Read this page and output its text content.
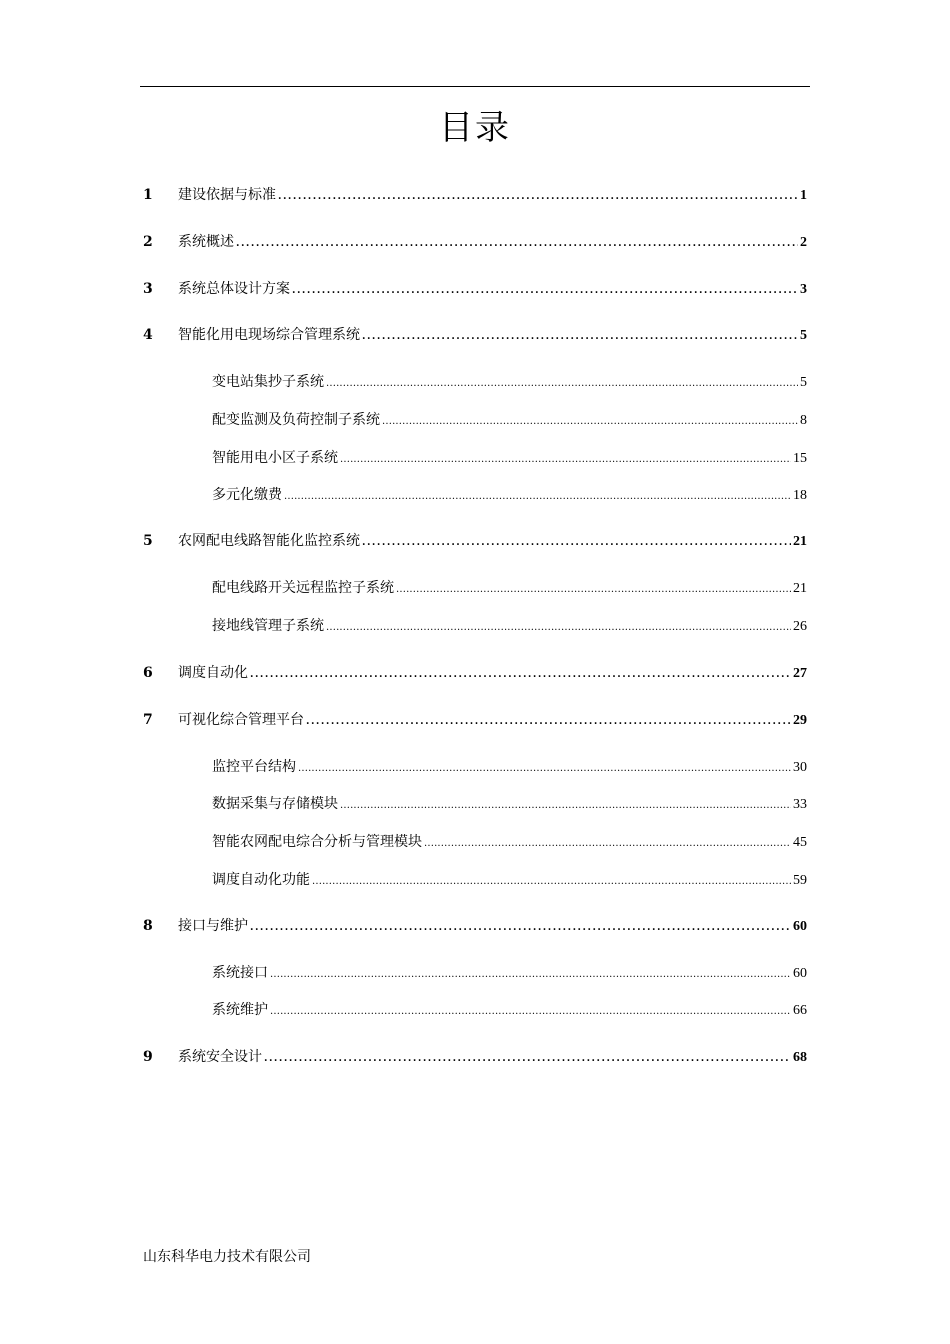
目录
1 建设依据与标准 . . .	1
2 系统概述 . . .	2
3 系统总体设计方案 . . .	3
4 智能化用电现场综合管理系统 . . .	5
变电站集抄子系统 . . .	5
配变监测及负荷控制子系统 . . .	8
智能用电小区子系统 . . .	15
多元化缴费 . . .	18
5 农网配电线路智能化监控系统 . . .	21
配电线路开关远程监控子系统 . . .	21
接地线管理子系统 . . .	26
6 调度自动化 . . .	27
7 可视化综合管理平台 . . .	29
监控平台结构 . . .	30
数据采集与存储模块 . . .	33
智能农网配电综合分析与管理模块 . . .	45
调度自动化功能 . . .	59
8 接口与维护 . . .	60
系统接口 . . .	60
系统维护 . . .	66
9 系统安全设计 . . .	68
山东科华电力技术有限公司
